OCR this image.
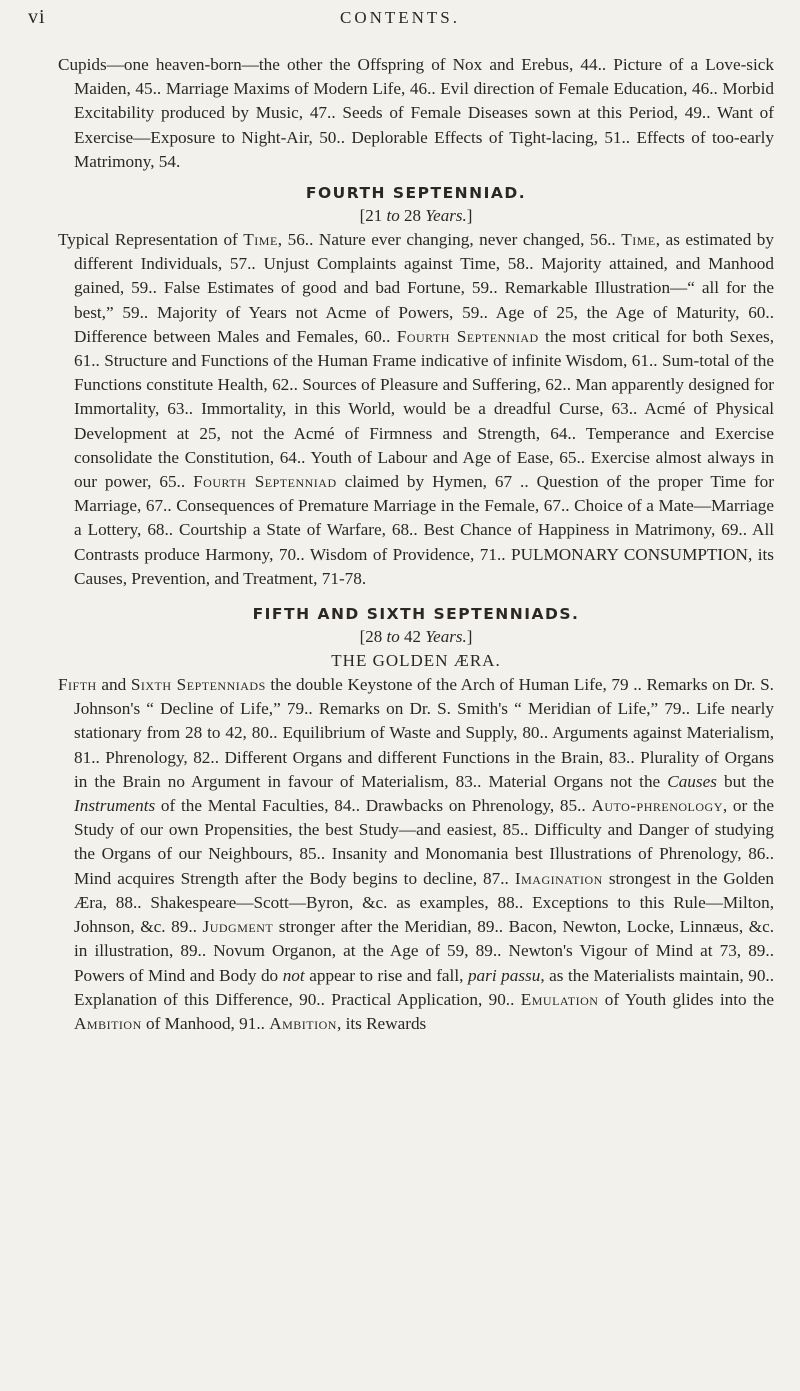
vi	CONTENTS.

Cupids—one heaven-born—the other the Offspring of Nox and Erebus, 44.. Picture of a Love-sick Maiden, 45.. Marriage Maxims of Modern Life, 46.. Evil direction of Female Education, 46.. Morbid Excitability produced by Music, 47.. Seeds of Female Diseases sown at this Period, 49.. Want of Exercise—Exposure to Night-Air, 50.. Deplorable Effects of Tight-lacing, 51.. Effects of too-early Matrimony, 54.

FOURTH SEPTENNIAD.
[21 to 28 Years.]

Typical Representation of Time, 56.. Nature ever changing, never changed, 56.. Time, as estimated by different Individuals, 57.. Unjust Complaints against Time, 58.. Majority attained, and Manhood gained, 59.. False Estimates of good and bad Fortune, 59.. Remarkable Illustration—“ all for the best,” 59.. Majority of Years not Acme of Powers, 59.. Age of 25, the Age of Maturity, 60.. Difference between Males and Females, 60.. Fourth Septenniad the most critical for both Sexes, 61.. Structure and Functions of the Human Frame indicative of infinite Wisdom, 61.. Sum-total of the Functions constitute Health, 62.. Sources of Pleasure and Suffering, 62.. Man apparently designed for Immortality, 63.. Immortality, in this World, would be a dreadful Curse, 63.. Acmé of Physical Development at 25, not the Acmé of Firmness and Strength, 64.. Temperance and Exercise consolidate the Constitution, 64.. Youth of Labour and Age of Ease, 65.. Exercise almost always in our power, 65.. Fourth Septenniad claimed by Hymen, 67 .. Question of the proper Time for Marriage, 67.. Consequences of Premature Marriage in the Female, 67.. Choice of a Mate—Marriage a Lottery, 68.. Courtship a State of Warfare, 68.. Best Chance of Happiness in Matrimony, 69.. All Contrasts produce Harmony, 70.. Wisdom of Providence, 71.. PULMONARY CONSUMPTION, its Causes, Prevention, and Treatment, 71-78.

FIFTH AND SIXTH SEPTENNIADS.
[28 to 42 Years.]
THE GOLDEN ÆRA.

Fifth and Sixth Septenniads the double Keystone of the Arch of Human Life, 79 .. Remarks on Dr. S. Johnson's “ Decline of Life,” 79.. Remarks on Dr. S. Smith's “ Meridian of Life,” 79.. Life nearly stationary from 28 to 42, 80.. Equilibrium of Waste and Supply, 80.. Arguments against Materialism, 81.. Phrenology, 82.. Different Organs and different Functions in the Brain, 83.. Plurality of Organs in the Brain no Argument in favour of Materialism, 83.. Material Organs not the Causes but the Instruments of the Mental Faculties, 84.. Drawbacks on Phrenology, 85.. Auto-phrenology, or the Study of our own Propensities, the best Study—and easiest, 85.. Difficulty and Danger of studying the Organs of our Neighbours, 85.. Insanity and Monomania best Illustrations of Phrenology, 86.. Mind acquires Strength after the Body begins to decline, 87.. Imagination strongest in the Golden Æra, 88.. Shakespeare—Scott—Byron, &c. as examples, 88.. Exceptions to this Rule—Milton, Johnson, &c. 89.. Judgment stronger after the Meridian, 89.. Bacon, Newton, Locke, Linnæus, &c. in illustration, 89.. Novum Organon, at the Age of 59, 89.. Newton's Vigour of Mind at 73, 89.. Powers of Mind and Body do not appear to rise and fall, pari passu, as the Materialists maintain, 90.. Explanation of this Difference, 90.. Practical Application, 90.. Emulation of Youth glides into the Ambition of Manhood, 91.. Ambition, its Rewards
